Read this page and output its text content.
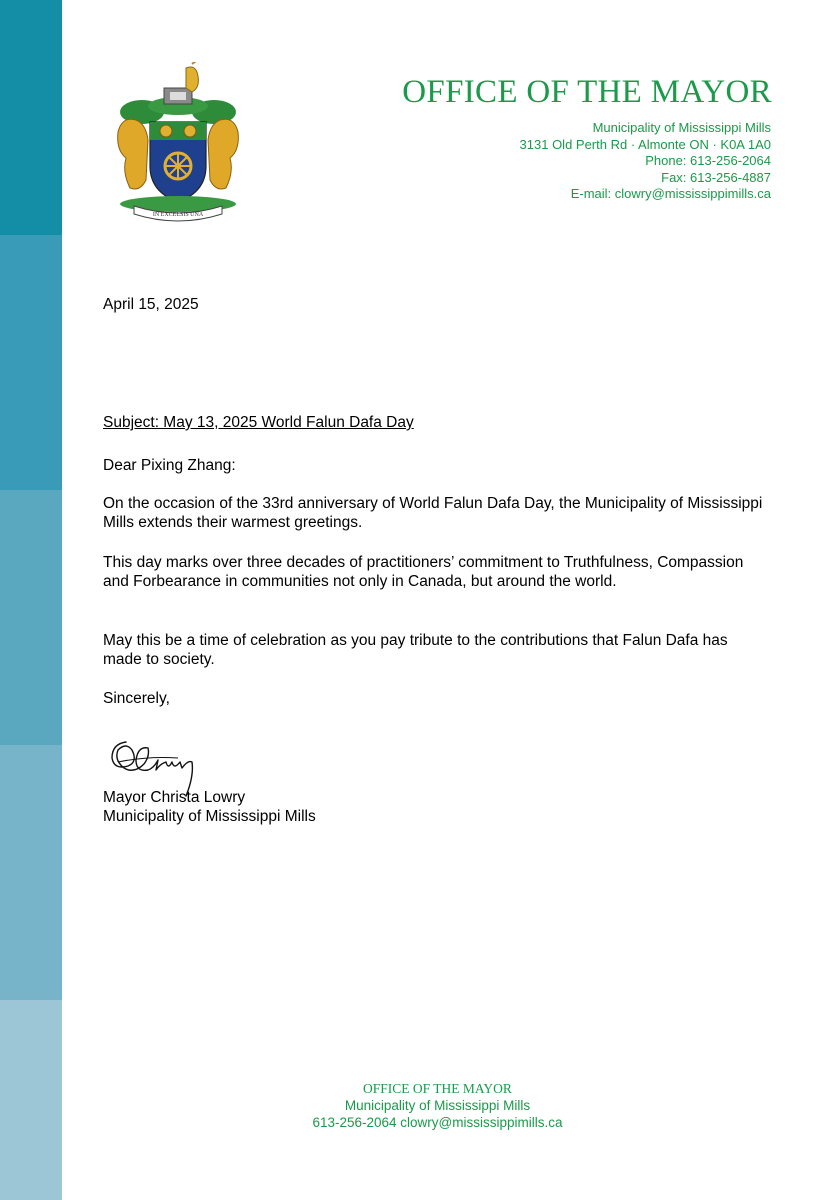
IN EXCELSIS UNA
OFFICE OF THE MAYOR
Municipality of Mississippi Mills
3131 Old Perth Rd · Almonte ON · K0A 1A0
Phone: 613-256-2064
Fax: 613-256-4887
E-mail: clowry@mississippimills.ca
April 15, 2025
Subject: May 13, 2025 World Falun Dafa Day
Dear Pixing Zhang:

On the occasion of the 33rd anniversary of World Falun Dafa Day, the Municipality of Mississippi Mills extends their warmest greetings.

This day marks over three decades of practitioners’ commitment to Truthfulness, Compassion and Forbearance in communities not only in Canada, but around the world.

May this be a time of celebration as you pay tribute to the contributions that Falun Dafa has made to society.

Sincerely,
Mayor Christa Lowry
Municipality of Mississippi Mills
OFFICE OF THE MAYOR
Municipality of Mississippi Mills
613-256-2064 clowry@mississippimills.ca
